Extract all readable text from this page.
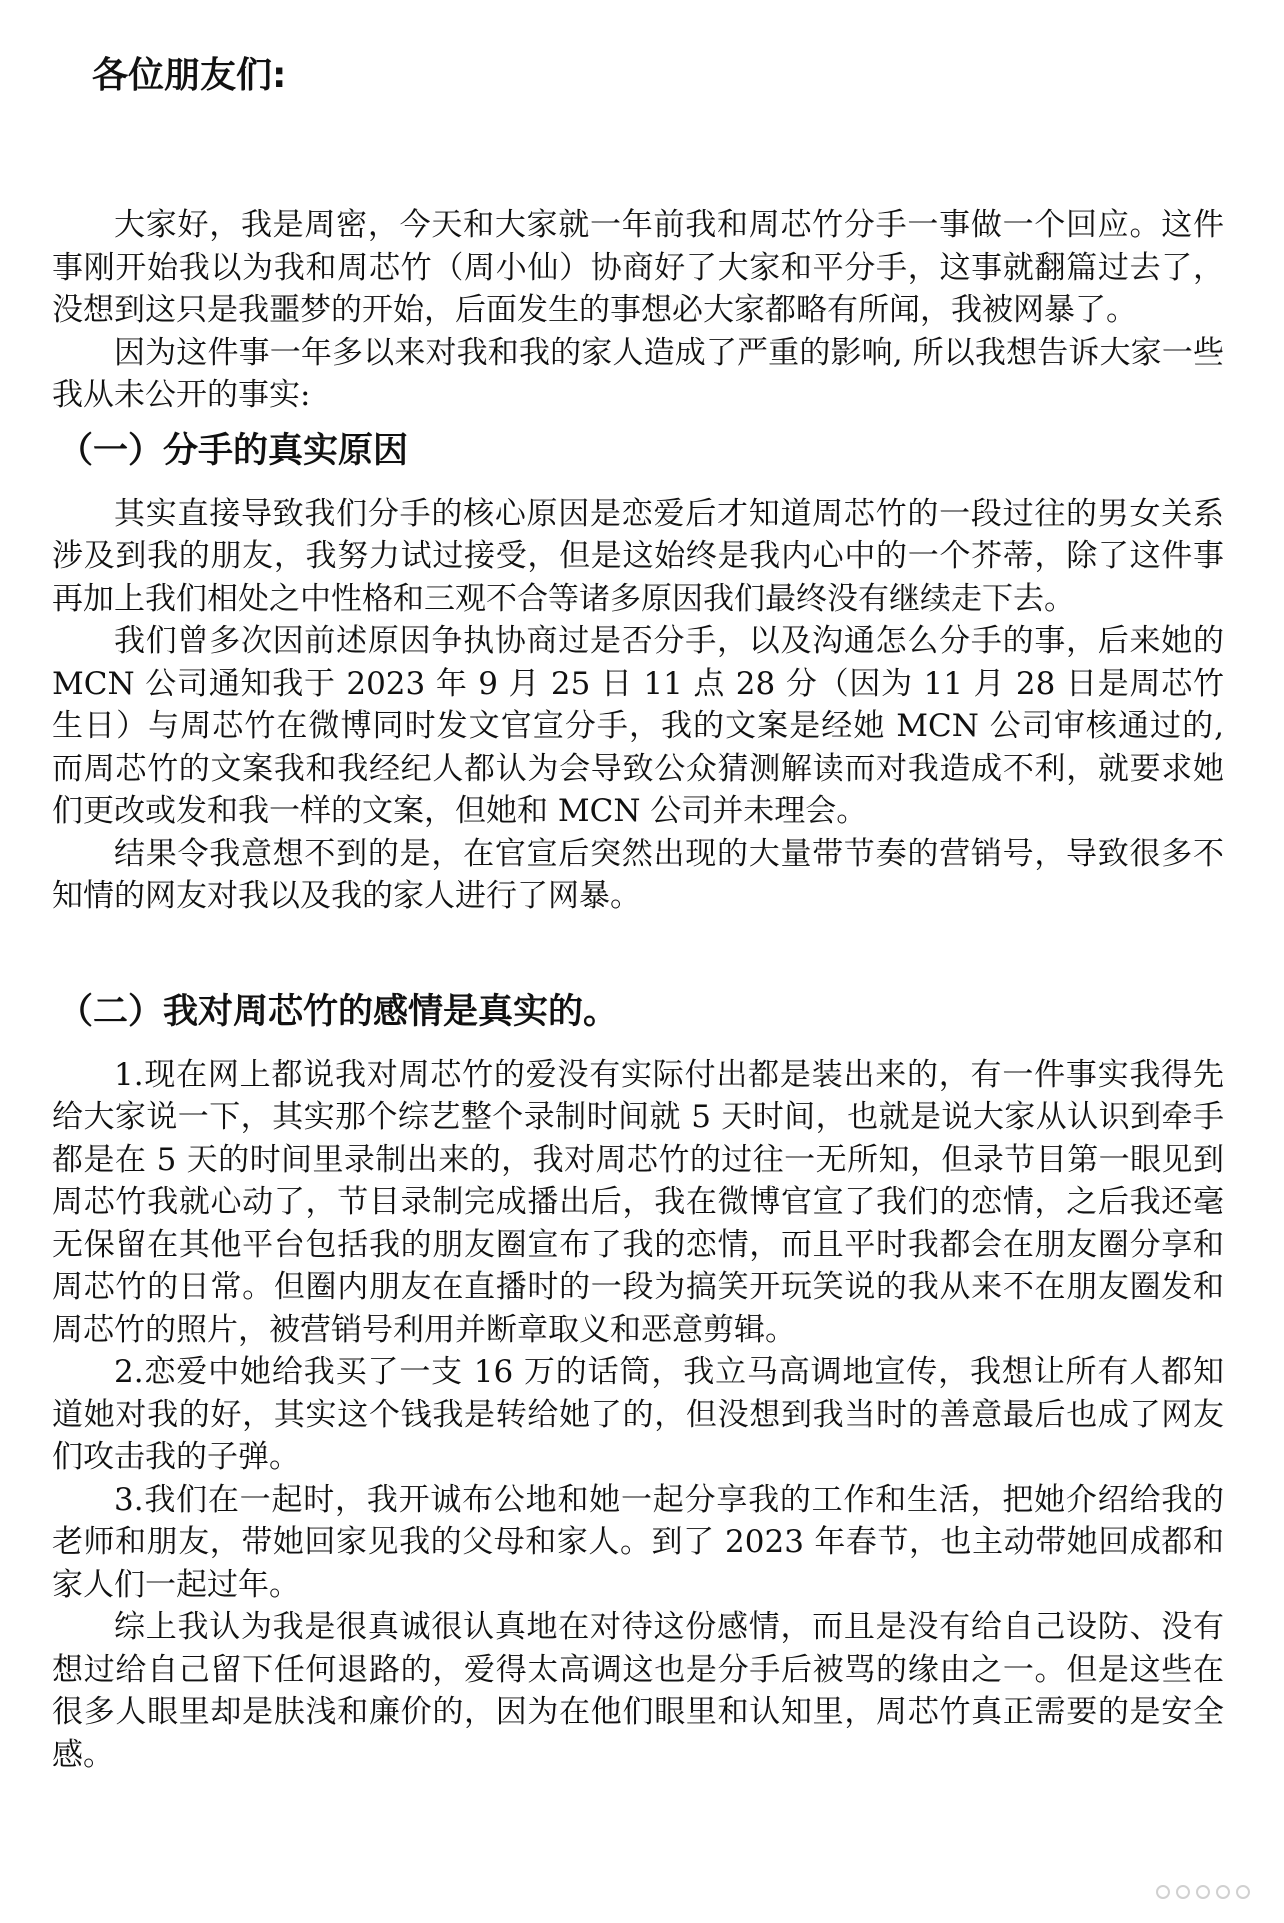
各位朋友们:

大家好，我是周密，今天和大家就一年前我和周芯竹分手一事做一个回应。这件事刚开始我以为我和周芯竹（周小仙）协商好了大家和平分手，这事就翻篇过去了，没想到这只是我噩梦的开始，后面发生的事想必大家都略有所闻，我被网暴了。

因为这件事一年多以来对我和我的家人造成了严重的影响, 所以我想告诉大家一些我从未公开的事实:

（一）分手的真实原因

其实直接导致我们分手的核心原因是恋爱后才知道周芯竹的一段过往的男女关系涉及到我的朋友，我努力试过接受，但是这始终是我内心中的一个芥蒂，除了这件事再加上我们相处之中性格和三观不合等诸多原因我们最终没有继续走下去。

我们曾多次因前述原因争执协商过是否分手，以及沟通怎么分手的事，后来她的 MCN 公司通知我于 2023 年 9 月 25 日 11 点 28 分（因为 11 月 28 日是周芯竹生日）与周芯竹在微博同时发文官宣分手，我的文案是经她 MCN 公司审核通过的, 而周芯竹的文案我和我经纪人都认为会导致公众猜测解读而对我造成不利，就要求她们更改或发和我一样的文案，但她和 MCN 公司并未理会。

结果令我意想不到的是，在官宣后突然出现的大量带节奏的营销号，导致很多不知情的网友对我以及我的家人进行了网暴。

（二）我对周芯竹的感情是真实的。

1.现在网上都说我对周芯竹的爱没有实际付出都是装出来的，有一件事实我得先给大家说一下，其实那个综艺整个录制时间就 5 天时间，也就是说大家从认识到牵手都是在 5 天的时间里录制出来的，我对周芯竹的过往一无所知，但录节目第一眼见到周芯竹我就心动了，节目录制完成播出后，我在微博官宣了我们的恋情，之后我还毫无保留在其他平台包括我的朋友圈宣布了我的恋情，而且平时我都会在朋友圈分享和周芯竹的日常。但圈内朋友在直播时的一段为搞笑开玩笑说的我从来不在朋友圈发和周芯竹的照片，被营销号利用并断章取义和恶意剪辑。

2.恋爱中她给我买了一支 16 万的话筒，我立马高调地宣传，我想让所有人都知道她对我的好，其实这个钱我是转给她了的，但没想到我当时的善意最后也成了网友们攻击我的子弹。

3.我们在一起时，我开诚布公地和她一起分享我的工作和生活，把她介绍给我的老师和朋友，带她回家见我的父母和家人。到了 2023 年春节，也主动带她回成都和家人们一起过年。

综上我认为我是很真诚很认真地在对待这份感情，而且是没有给自己设防、没有想过给自己留下任何退路的，爱得太高调这也是分手后被骂的缘由之一。但是这些在很多人眼里却是肤浅和廉价的，因为在他们眼里和认知里，周芯竹真正需要的是安全感。
